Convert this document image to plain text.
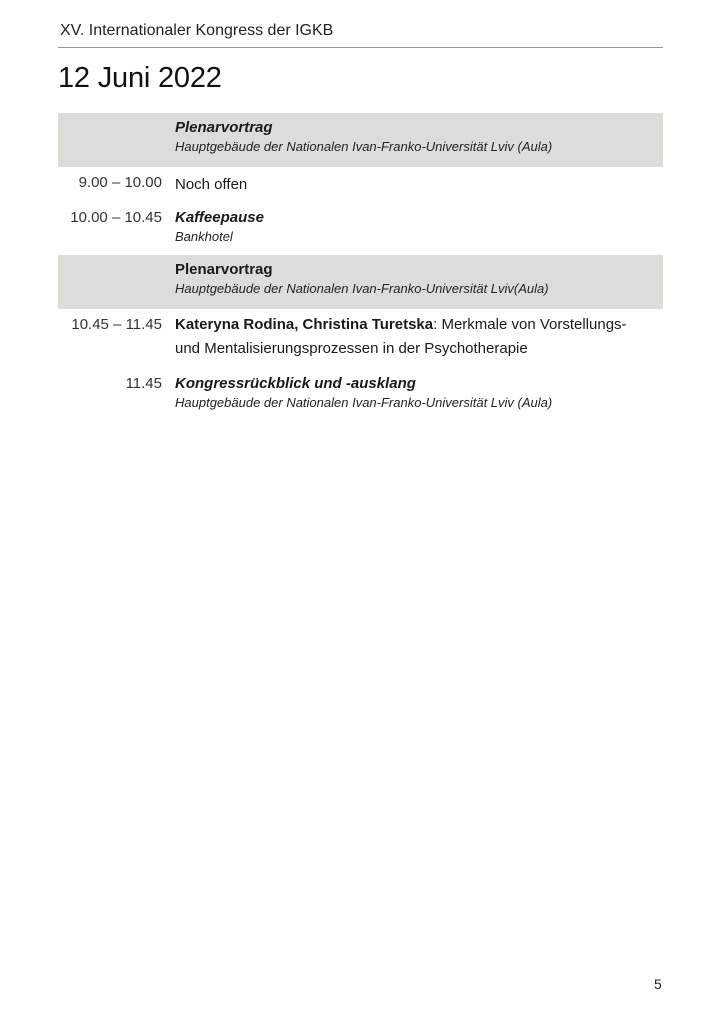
XV. Internationaler Kongress der IGKB
12 Juni 2022
Plenarvortrag
Hauptgebäude der Nationalen Ivan-Franko-Universität Lviv (Aula)
9.00 – 10.00 Noch offen
10.00 – 10.45 Kaffeepause
Bankhotel
Plenarvortrag
Hauptgebäude der Nationalen Ivan-Franko-Universität Lviv(Aula)
10.45 – 11.45 Kateryna Rodina, Christina Turetska: Merkmale von Vorstellungs-
und Mentalisierungsprozessen in der Psychotherapie
11.45 Kongressrückblick und -ausklang
Hauptgebäude der Nationalen Ivan-Franko-Universität Lviv (Aula)
5
